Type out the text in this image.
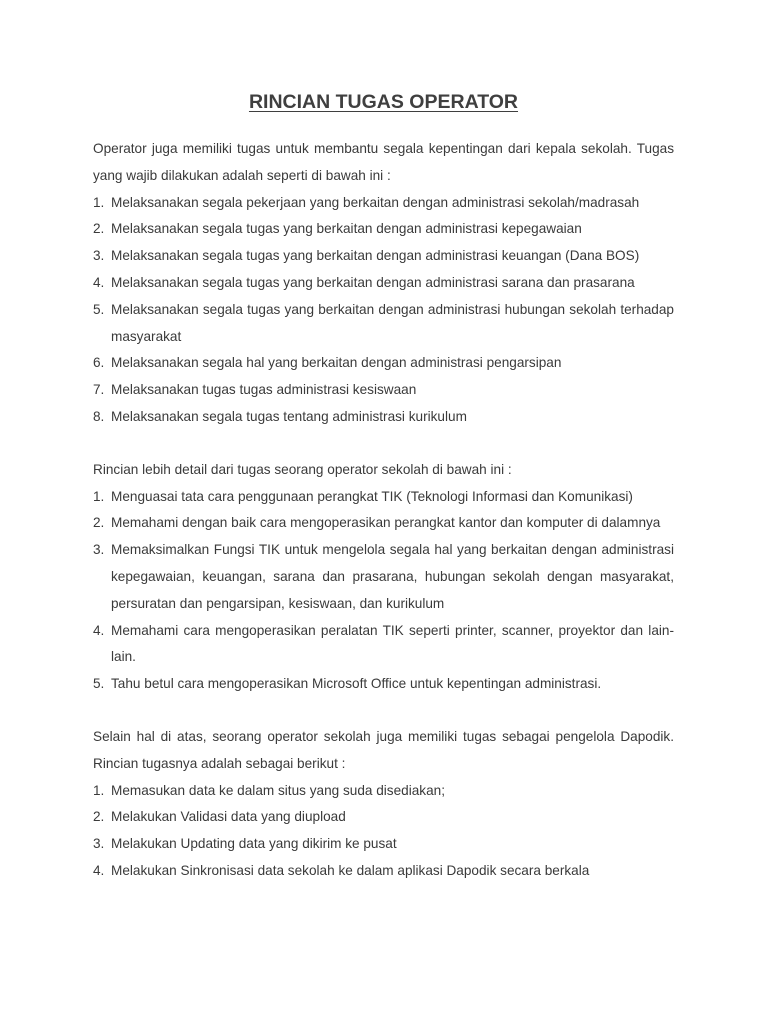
RINCIAN TUGAS OPERATOR

Operator juga memiliki tugas untuk membantu segala kepentingan dari kepala sekolah. Tugas yang wajib dilakukan adalah seperti di bawah ini :

1. Melaksanakan segala pekerjaan yang berkaitan dengan administrasi sekolah/madrasah
2. Melaksanakan segala tugas yang berkaitan dengan administrasi kepegawaian
3. Melaksanakan segala tugas yang berkaitan dengan administrasi keuangan (Dana BOS)
4. Melaksanakan segala tugas yang berkaitan dengan administrasi sarana dan prasarana
5. Melaksanakan segala tugas yang berkaitan dengan administrasi hubungan sekolah terhadap masyarakat
6. Melaksanakan segala hal yang berkaitan dengan administrasi pengarsipan
7. Melaksanakan tugas tugas administrasi kesiswaan
8. Melaksanakan segala tugas tentang administrasi kurikulum

Rincian lebih detail dari tugas seorang operator sekolah di bawah ini :

1. Menguasai tata cara penggunaan perangkat TIK (Teknologi Informasi dan Komunikasi)
2. Memahami dengan baik cara mengoperasikan perangkat kantor dan komputer di dalamnya
3. Memaksimalkan Fungsi TIK untuk mengelola segala hal yang berkaitan dengan administrasi kepegawaian, keuangan, sarana dan prasarana, hubungan sekolah dengan masyarakat, persuratan dan pengarsipan, kesiswaan, dan kurikulum
4. Memahami cara mengoperasikan peralatan TIK seperti printer, scanner, proyektor dan lain-lain.
5. Tahu betul cara mengoperasikan Microsoft Office untuk kepentingan administrasi.

Selain hal di atas, seorang operator sekolah juga memiliki tugas sebagai pengelola Dapodik. Rincian tugasnya adalah sebagai berikut :

1. Memasukan data ke dalam situs yang suda disediakan;
2. Melakukan Validasi data yang diupload
3. Melakukan Updating data yang dikirim ke pusat
4. Melakukan Sinkronisasi data sekolah ke dalam aplikasi Dapodik secara berkala
